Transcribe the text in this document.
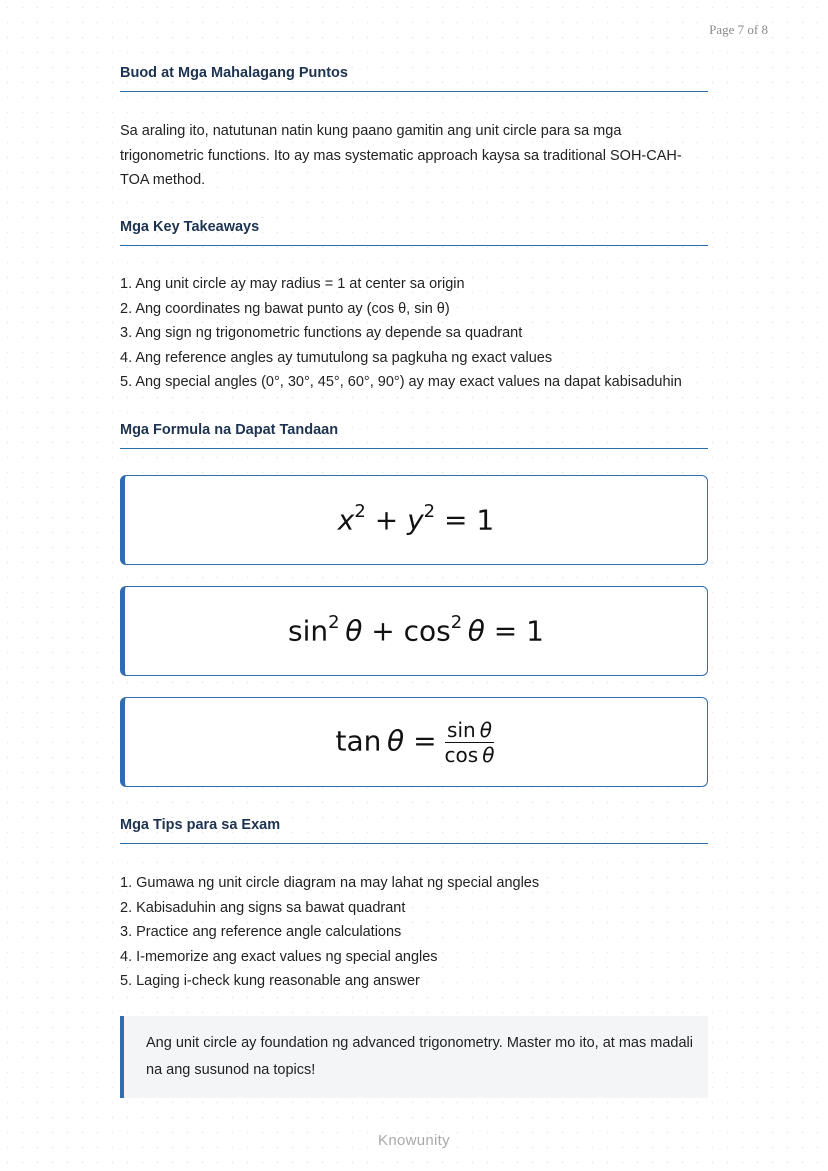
Page 7 of 8
Buod at Mga Mahalagang Puntos

Sa araling ito, natutunan natin kung paano gamitin ang unit circle para sa mga trigonometric functions. Ito ay mas systematic approach kaysa sa traditional SOH-CAH-TOA method.

Mga Key Takeaways
1. Ang unit circle ay may radius = 1 at center sa origin
2. Ang coordinates ng bawat punto ay (cos θ, sin θ)
3. Ang sign ng trigonometric functions ay depende sa quadrant
4. Ang reference angles ay tumutulong sa pagkuha ng exact values
5. Ang special angles (0°, 30°, 45°, 60°, 90°) ay may exact values na dapat kabisaduhin
Mga Formula na Dapat Tandaan
$x^2 + y^2 = 1$
$\sin^2 \theta + \cos^2 \theta = 1$
$\tan \theta = \frac{\text{sin θ}}{\text{cos θ}}$
Mga Tips para sa Exam
1. Gumawa ng unit circle diagram na may lahat ng special angles
2. Kabisaduhin ang signs sa bawat quadrant
3. Practice ang reference angle calculations
4. I-memorize ang exact values ng special angles
5. Laging i-check kung reasonable ang answer
Ang unit circle ay foundation ng advanced trigonometry. Master mo ito, at mas madali na ang susunod na topics!
Knowunity
